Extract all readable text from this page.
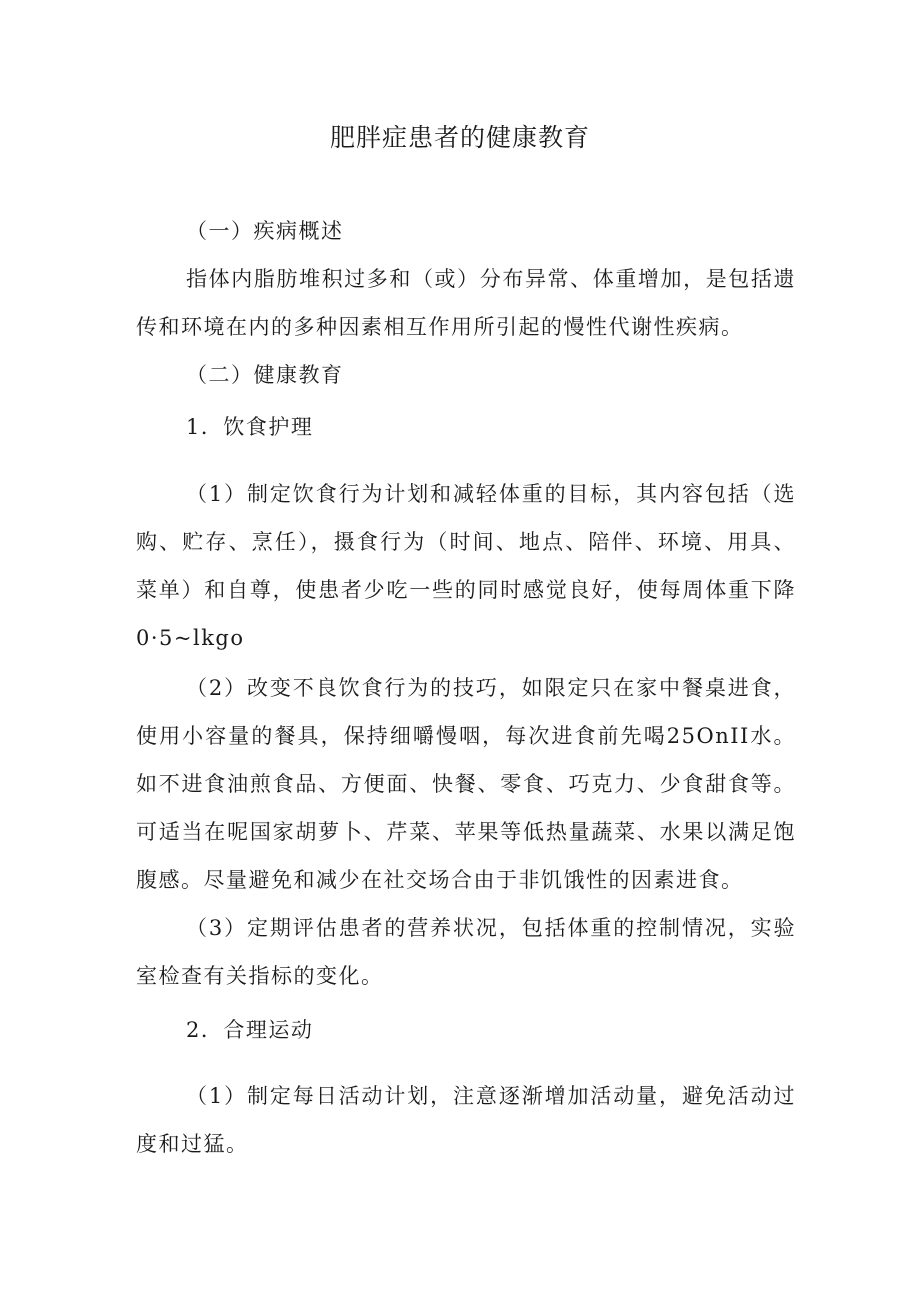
肥胖症患者的健康教育

（一）疾病概述

指体内脂肪堆积过多和（或）分布异常、体重增加，是包括遗传和环境在内的多种因素相互作用所引起的慢性代谢性疾病。

（二）健康教育

1．饮食护理

（1）制定饮食行为计划和减轻体重的目标，其内容包括（选购、贮存、烹任），摄食行为（时间、地点、陪伴、环境、用具、菜单）和自尊，使患者少吃一些的同时感觉良好，使每周体重下降0·5~lkgo

（2）改变不良饮食行为的技巧，如限定只在家中餐桌进食，使用小容量的餐具，保持细嚼慢咽，每次进食前先喝25OnII水。如不进食油煎食品、方便面、快餐、零食、巧克力、少食甜食等。可适当在呢国家胡萝卜、芹菜、苹果等低热量蔬菜、水果以满足饱腹感。尽量避免和减少在社交场合由于非饥饿性的因素进食。

（3）定期评估患者的营养状况，包括体重的控制情况，实验室检查有关指标的变化。

2．合理运动

（1）制定每日活动计划，注意逐渐增加活动量，避免活动过度和过猛。
